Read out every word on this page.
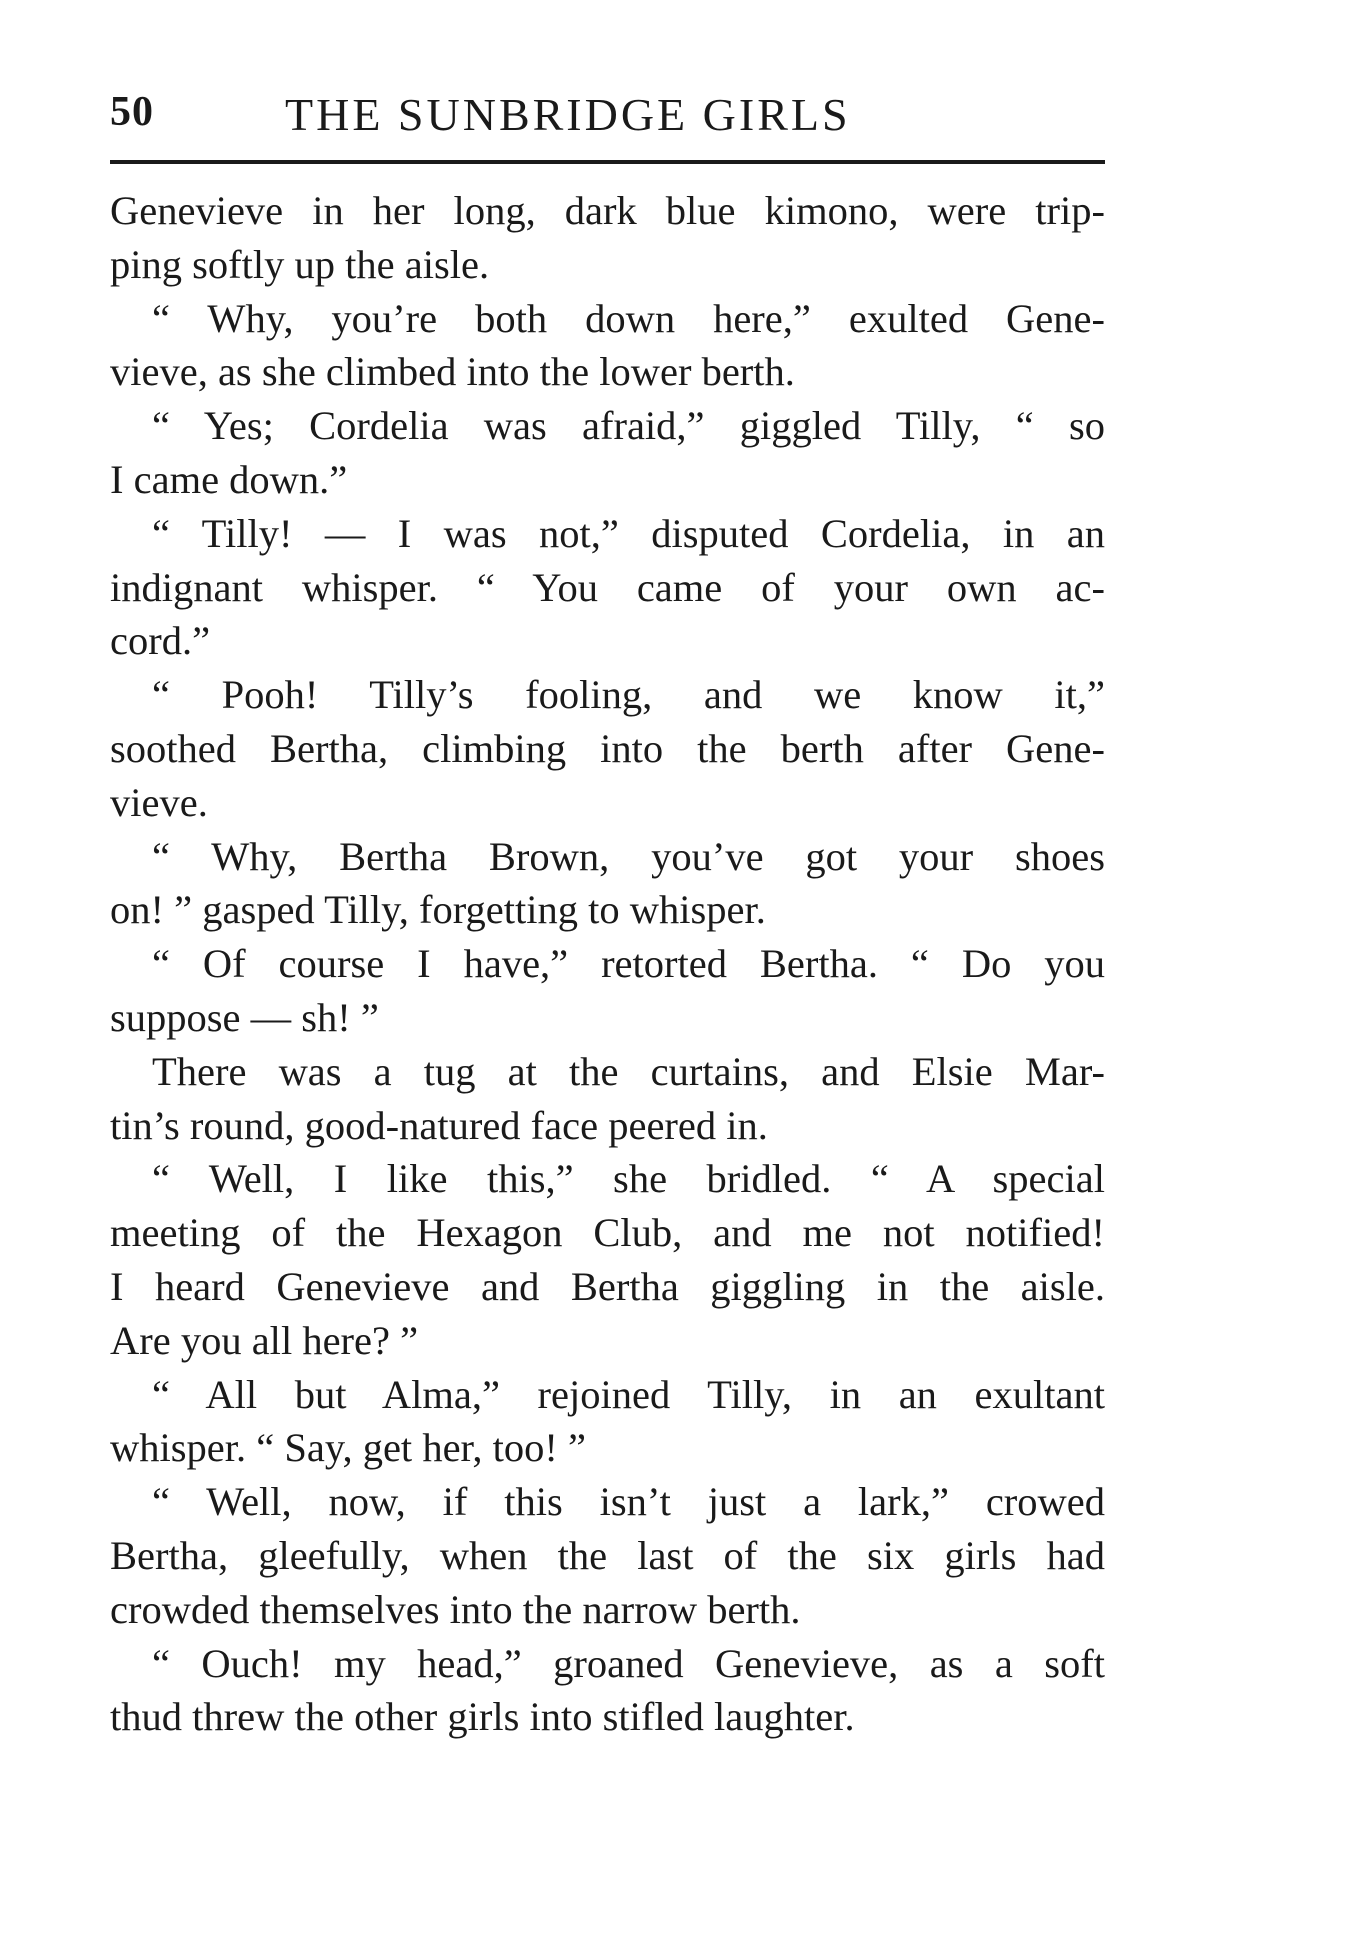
50	THE SUNBRIDGE GIRLS
Genevieve in her long, dark blue kimono, were trip-
ping softly up the aisle.
“ Why, you’re both down here,” exulted Gene-
vieve, as she climbed into the lower berth.
“ Yes; Cordelia was afraid,” giggled Tilly, “ so
I came down.”
“ Tilly! — I was not,” disputed Cordelia, in an
indignant whisper. “ You came of your own ac-
cord.”
“ Pooh! Tilly’s fooling, and we know it,”
soothed Bertha, climbing into the berth after Gene-
vieve.
“ Why, Bertha Brown, you’ve got your shoes
on! ” gasped Tilly, forgetting to whisper.
“ Of course I have,” retorted Bertha. “ Do you
suppose — sh! ”
There was a tug at the curtains, and Elsie Mar-
tin’s round, good-natured face peered in.
“ Well, I like this,” she bridled. “ A special
meeting of the Hexagon Club, and me not notified!
I heard Genevieve and Bertha giggling in the aisle.
Are you all here? ”
“ All but Alma,” rejoined Tilly, in an exultant
whisper. “ Say, get her, too! ”
“ Well, now, if this isn’t just a lark,” crowed
Bertha, gleefully, when the last of the six girls had
crowded themselves into the narrow berth.
“ Ouch! my head,” groaned Genevieve, as a soft
thud threw the other girls into stifled laughter.
